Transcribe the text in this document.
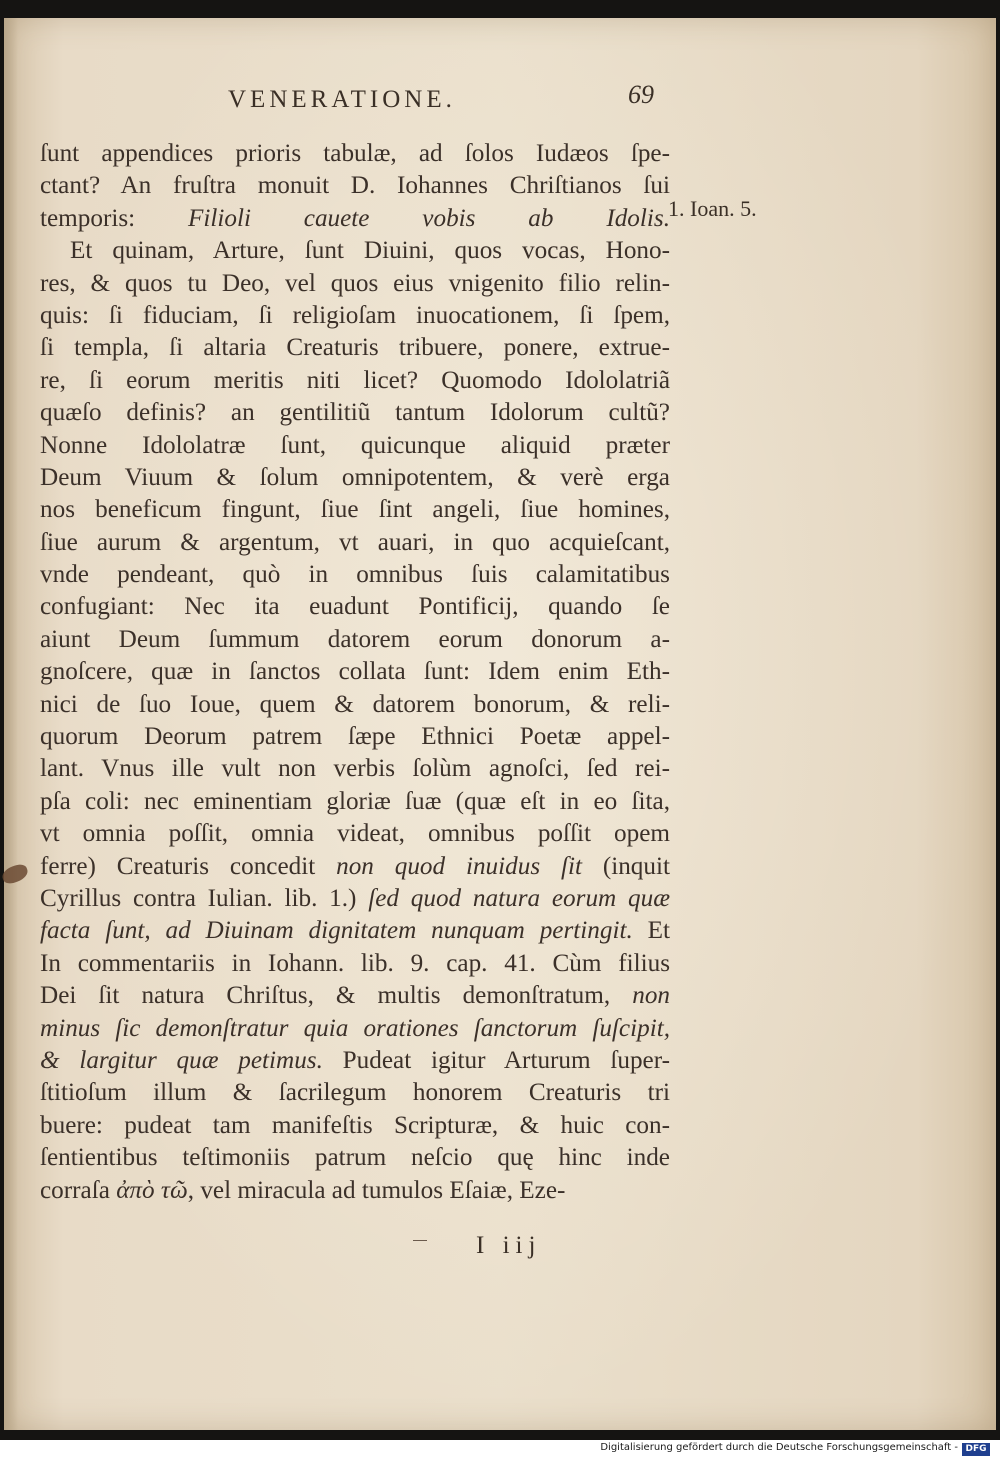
VENERATIONE.	69
1. Ioan. 5.
ſunt appendices prioris tabulæ, ad ſolos Iudæos ſpe-
ctant? An fruſtra monuit D. Iohannes Chriſtianos ſui
temporis: Filioli cauete vobis ab Idolis.
Et quinam, Arture, ſunt Diuini, quos vocas, Hono-
res, & quos tu Deo, vel quos eius vnigenito filio relin-
quis: ſi fiduciam, ſi religioſam inuocationem, ſi ſpem,
ſi templa, ſi altaria Creaturis tribuere, ponere, extrue-
re, ſi eorum meritis niti licet? Quomodo Idololatriã
quæſo definis? an gentilitiũ tantum Idolorum cultũ?
Nonne Idololatræ ſunt, quicunque aliquid præter
Deum Viuum & ſolum omnipotentem, & verè erga
nos beneficum fingunt, ſiue ſint angeli, ſiue homines,
ſiue aurum & argentum, vt auari, in quo acquieſcant,
vnde pendeant, quò in omnibus ſuis calamitatibus
confugiant: Nec ita euadunt Pontificij, quando ſe
aiunt Deum ſummum datorem eorum donorum a-
gnoſcere, quæ in ſanctos collata ſunt: Idem enim Eth-
nici de ſuo Ioue, quem & datorem bonorum, & reli-
quorum Deorum patrem ſæpe Ethnici Poetæ appel-
lant. Vnus ille vult non verbis ſolùm agnoſci, ſed rei-
pſa coli: nec eminentiam gloriæ ſuæ (quæ eſt in eo ſita,
vt omnia poſſit, omnia videat, omnibus poſſit opem
ferre) Creaturis concedit non quod inuidus ſit (inquit
Cyrillus contra Iulian. lib. 1.) ſed quod natura eorum quæ
facta ſunt, ad Diuinam dignitatem nunquam pertingit. Et
In commentariis in Iohann. lib. 9. cap. 41. Cùm filius
Dei ſit natura Chriſtus, & multis demonſtratum, non
minus ſic demonſtratur quia orationes ſanctorum ſuſcipit,
& largitur quæ petimus. Pudeat igitur Arturum ſuper-
ſtitioſum illum & ſacrilegum honorem Creaturis tri
buere: pudeat tam manifeſtis Scripturæ, & huic con-
ſentientibus teſtimoniis patrum neſcio quę hinc inde
corraſa ἀπὸ τῶ, vel miracula ad tumulos Eſaiæ, Eze-
I iij
Digitalisierung gefördert durch die Deutsche Forschungsgemeinschaft - DFG
